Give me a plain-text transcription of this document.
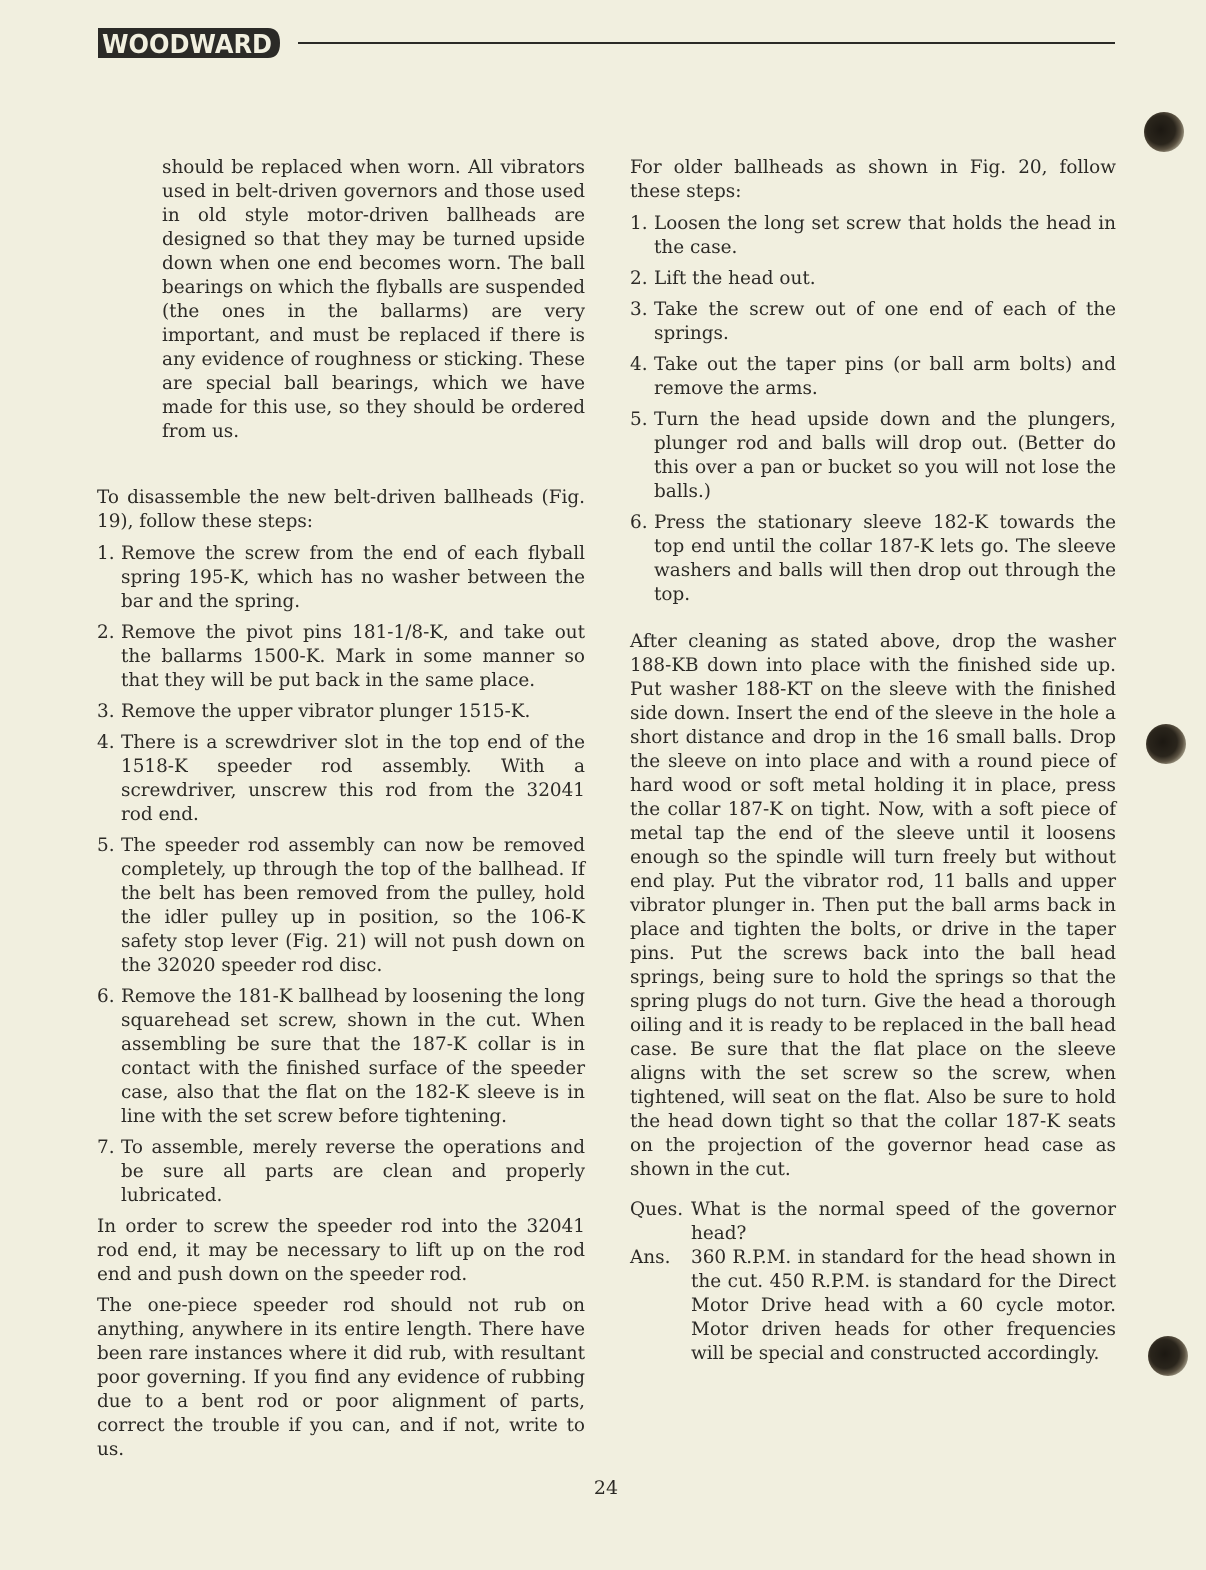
WOODWARD

should be replaced when worn. All vibrators used in belt-driven governors and those used in old style motor-driven ballheads are designed so that they may be turned upside down when one end becomes worn. The ball bearings on which the flyballs are suspended (the ones in the ballarms) are very important, and must be replaced if there is any evidence of roughness or sticking. These are special ball bearings, which we have made for this use, so they should be ordered from us.

To disassemble the new belt-driven ballheads (Fig. 19), follow these steps:

1. Remove the screw from the end of each flyball spring 195-K, which has no washer between the bar and the spring.
2. Remove the pivot pins 181-1/8-K, and take out the ballarms 1500-K. Mark in some manner so that they will be put back in the same place.
3. Remove the upper vibrator plunger 1515-K.
4. There is a screwdriver slot in the top end of the 1518-K speeder rod assembly. With a screwdriver, unscrew this rod from the 32041 rod end.
5. The speeder rod assembly can now be removed completely, up through the top of the ballhead. If the belt has been removed from the pulley, hold the idler pulley up in position, so the 106-K safety stop lever (Fig. 21) will not push down on the 32020 speeder rod disc.
6. Remove the 181-K ballhead by loosening the long squarehead set screw, shown in the cut. When assembling be sure that the 187-K collar is in contact with the finished surface of the speeder case, also that the flat on the 182-K sleeve is in line with the set screw before tightening.
7. To assemble, merely reverse the operations and be sure all parts are clean and properly lubricated.

In order to screw the speeder rod into the 32041 rod end, it may be necessary to lift up on the rod end and push down on the speeder rod.

The one-piece speeder rod should not rub on anything, anywhere in its entire length. There have been rare instances where it did rub, with resultant poor governing. If you find any evidence of rubbing due to a bent rod or poor alignment of parts, correct the trouble if you can, and if not, write to us.

For older ballheads as shown in Fig. 20, follow these steps:

1. Loosen the long set screw that holds the head in the case.
2. Lift the head out.
3. Take the screw out of one end of each of the springs.
4. Take out the taper pins (or ball arm bolts) and remove the arms.
5. Turn the head upside down and the plungers, plunger rod and balls will drop out. (Better do this over a pan or bucket so you will not lose the balls.)
6. Press the stationary sleeve 182-K towards the top end until the collar 187-K lets go. The sleeve washers and balls will then drop out through the top.

After cleaning as stated above, drop the washer 188-KB down into place with the finished side up. Put washer 188-KT on the sleeve with the finished side down. Insert the end of the sleeve in the hole a short distance and drop in the 16 small balls. Drop the sleeve on into place and with a round piece of hard wood or soft metal holding it in place, press the collar 187-K on tight. Now, with a soft piece of metal tap the end of the sleeve until it loosens enough so the spindle will turn freely but without end play. Put the vibrator rod, 11 balls and upper vibrator plunger in. Then put the ball arms back in place and tighten the bolts, or drive in the taper pins. Put the screws back into the ball head springs, being sure to hold the springs so that the spring plugs do not turn. Give the head a thorough oiling and it is ready to be replaced in the ball head case. Be sure that the flat place on the sleeve aligns with the set screw so the screw, when tightened, will seat on the flat. Also be sure to hold the head down tight so that the collar 187-K seats on the projection of the governor head case as shown in the cut.

Ques. What is the normal speed of the governor head?
Ans.	360 R.P.M. in standard for the head shown in the cut. 450 R.P.M. is standard for the Direct Motor Drive head with a 60 cycle motor. Motor driven heads for other frequencies will be special and constructed accordingly.
24
